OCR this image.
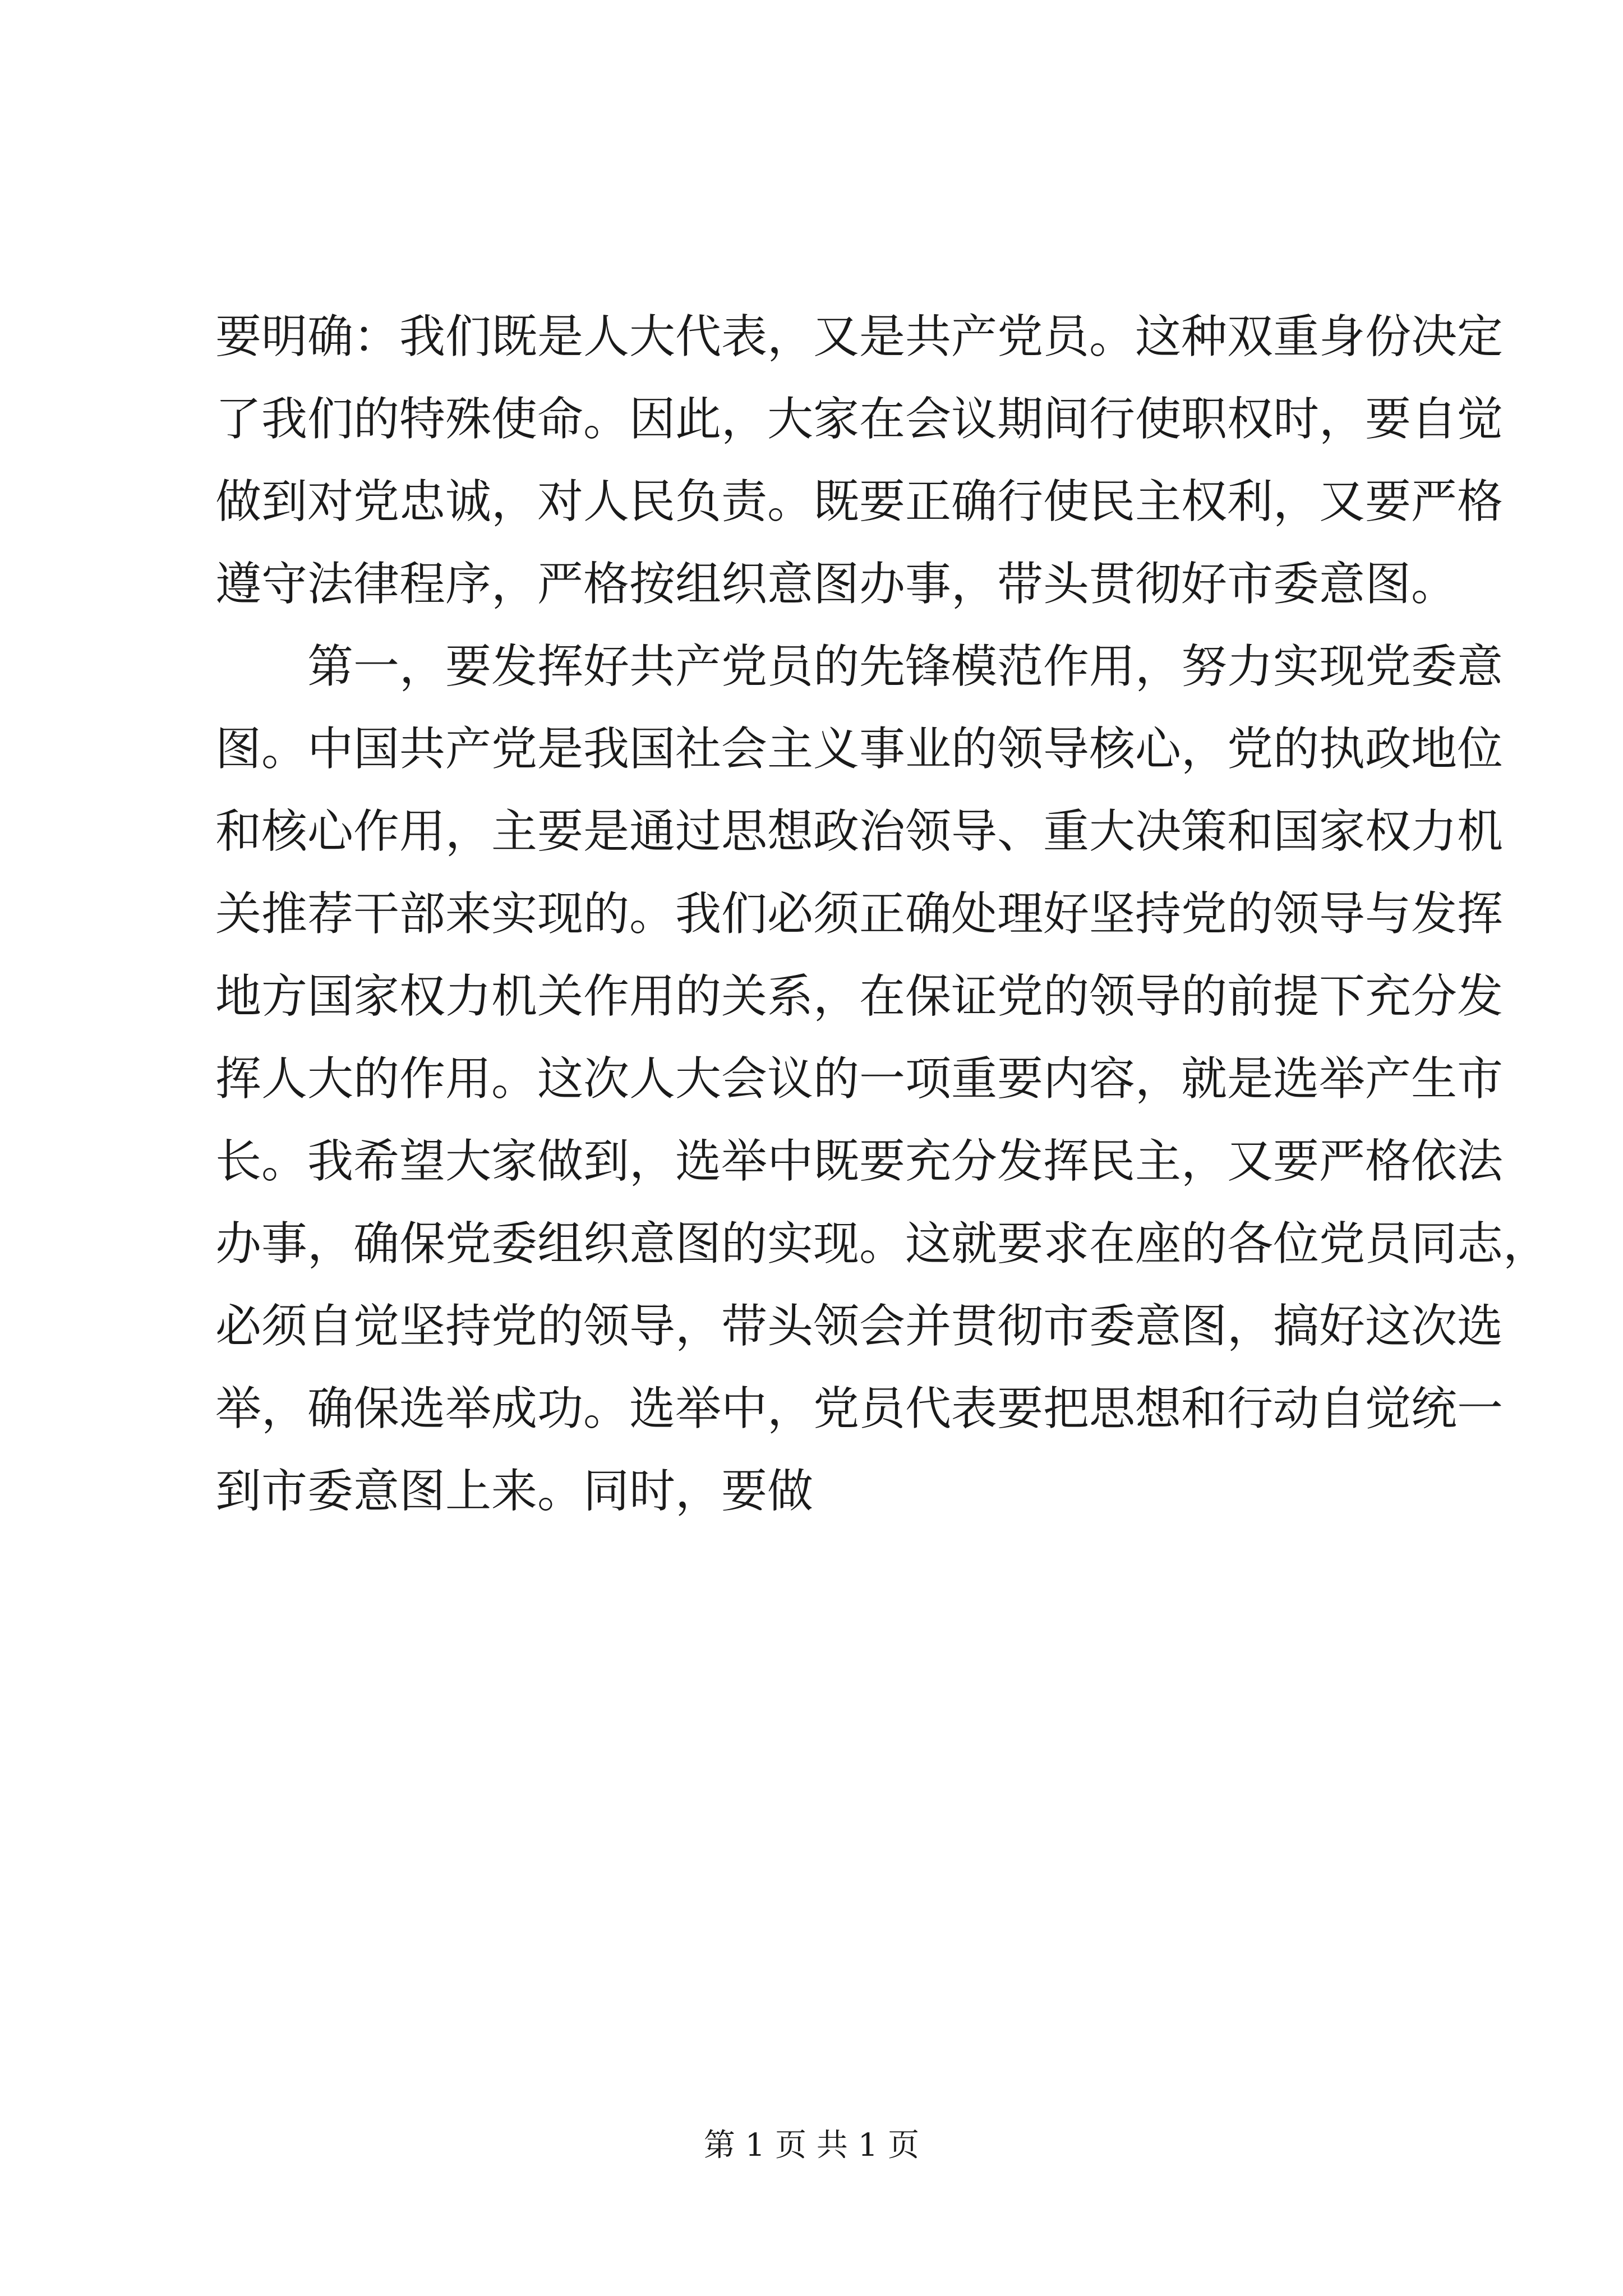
要明确：我们既是人大代表，又是共产党员。这种双重身份决定
了我们的特殊使命。因此，大家在会议期间行使职权时，要自觉
做到对党忠诚，对人民负责。既要正确行使民主权利，又要严格
遵守法律程序，严格按组织意图办事，带头贯彻好市委意图。
第一，要发挥好共产党员的先锋模范作用，努力实现党委意
图。中国共产党是我国社会主义事业的领导核心，党的执政地位
和核心作用，主要是通过思想政治领导、重大决策和国家权力机
关推荐干部来实现的。我们必须正确处理好坚持党的领导与发挥
地方国家权力机关作用的关系，在保证党的领导的前提下充分发
挥人大的作用。这次人大会议的一项重要内容，就是选举产生市
长。我希望大家做到，选举中既要充分发挥民主，又要严格依法
办事，确保党委组织意图的实现。这就要求在座的各位党员同志，
必须自觉坚持党的领导，带头领会并贯彻市委意图，搞好这次选
举，确保选举成功。选举中，党员代表要把思想和行动自觉统一
到市委意图上来。同时，要做
第 1 页 共 1 页
